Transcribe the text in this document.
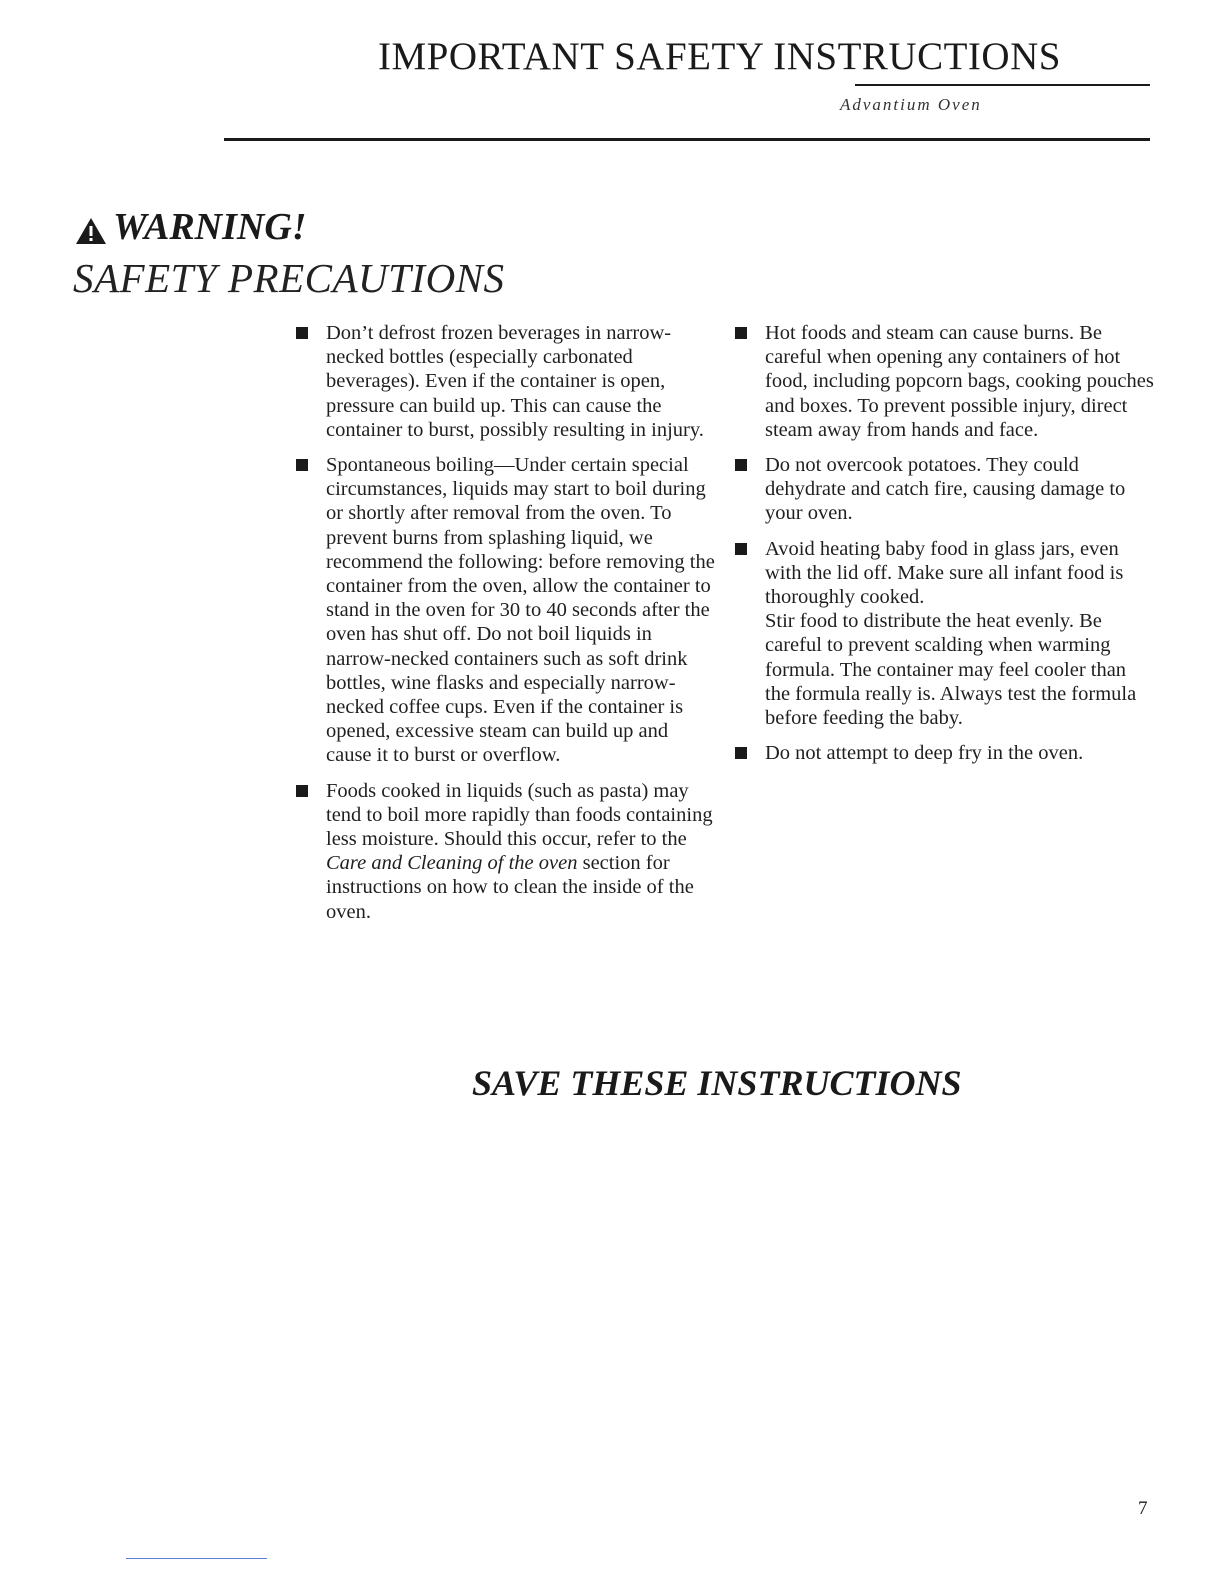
IMPORTANT SAFETY INSTRUCTIONS
Advantium Oven
WARNING!
SAFETY PRECAUTIONS
Don’t defrost frozen beverages in narrow-necked bottles (especially carbonated beverages). Even if the container is open, pressure can build up. This can cause the container to burst, possibly resulting in injury.
Spontaneous boiling—Under certain special circumstances, liquids may start to boil during or shortly after removal from the oven. To prevent burns from splashing liquid, we recommend the following: before removing the container from the oven, allow the container to stand in the oven for 30 to 40 seconds after the oven has shut off. Do not boil liquids in narrow-necked containers such as soft drink bottles, wine flasks and especially narrow-necked coffee cups. Even if the container is opened, excessive steam can build up and cause it to burst or overflow.
Foods cooked in liquids (such as pasta) may tend to boil more rapidly than foods containing less moisture. Should this occur, refer to the Care and Cleaning of the oven section for instructions on how to clean the inside of the oven.
Hot foods and steam can cause burns. Be careful when opening any containers of hot food, including popcorn bags, cooking pouches and boxes. To prevent possible injury, direct steam away from hands and face.
Do not overcook potatoes. They could dehydrate and catch fire, causing damage to your oven.
Avoid heating baby food in glass jars, even with the lid off. Make sure all infant food is thoroughly cooked.
Stir food to distribute the heat evenly. Be careful to prevent scalding when warming formula. The container may feel cooler than the formula really is. Always test the formula before feeding the baby.
Do not attempt to deep fry in the oven.
SAVE THESE INSTRUCTIONS
7
